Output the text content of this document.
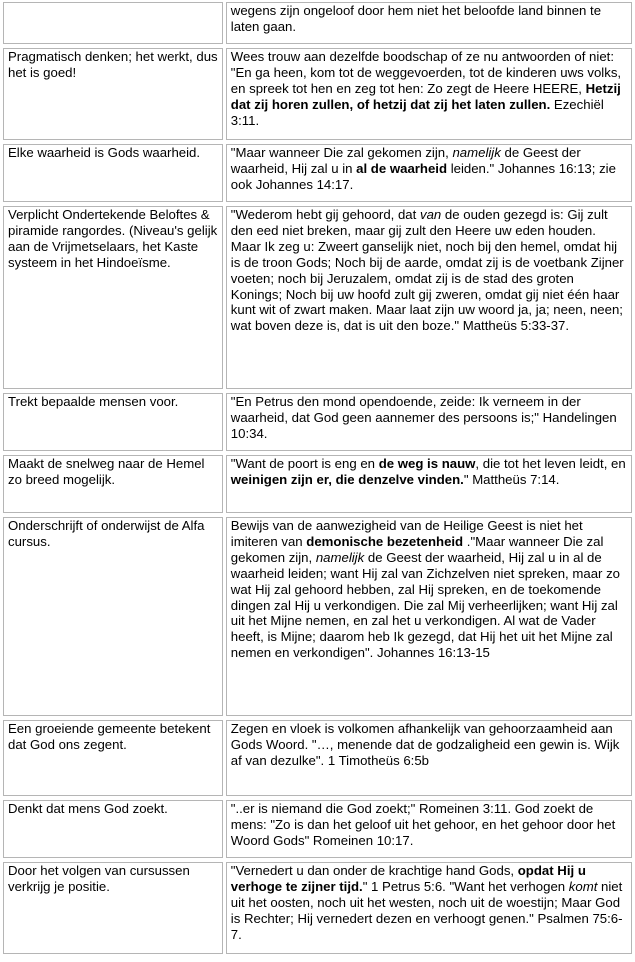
	wegens zijn ongeloof door hem niet het beloofde land binnen te laten gaan.
Pragmatisch denken; het werkt, dus het is goed!	Wees trouw aan dezelfde boodschap of ze nu antwoorden of niet: "En ga heen, kom tot de weggevoerden, tot de kinderen uws volks, en spreek tot hen en zeg tot hen: Zo zegt de Heere HEERE, Hetzij dat zij horen zullen, of hetzij dat zij het laten zullen. Ezechiël 3:11.
Elke waarheid is Gods waarheid.	"Maar wanneer Die zal gekomen zijn, namelijk de Geest der waarheid, Hij zal u in al de waarheid leiden." Johannes 16:13; zie ook Johannes 14:17.
Verplicht Ondertekende Beloftes & piramide rangordes. (Niveau's gelijk aan de Vrijmetselaars, het Kaste systeem in het Hindoeïsme.	"Wederom hebt gij gehoord, dat van de ouden gezegd is: Gij zult den eed niet breken, maar gij zult den Heere uw eden houden. Maar Ik zeg u: Zweert ganselijk niet, noch bij den hemel, omdat hij is de troon Gods; Noch bij de aarde, omdat zij is de voetbank Zijner voeten; noch bij Jeruzalem, omdat zij is de stad des groten Konings; Noch bij uw hoofd zult gij zweren, omdat gij niet één haar kunt wit of zwart maken. Maar laat zijn uw woord ja, ja; neen, neen; wat boven deze is, dat is uit den boze." Mattheüs 5:33-37.
Trekt bepaalde mensen voor.	"En Petrus den mond opendoende, zeide: Ik verneem in der waarheid, dat God geen aannemer des persoons is;" Handelingen 10:34.
Maakt de snelweg naar de Hemel zo breed mogelijk.	"Want de poort is eng en de weg is nauw, die tot het leven leidt, en weinigen zijn er, die denzelve vinden." Mattheüs 7:14.
Onderschrijft of onderwijst de Alfa cursus.	Bewijs van de aanwezigheid van de Heilige Geest is niet het imiteren van demonische bezetenheid ."Maar wanneer Die zal gekomen zijn, namelijk de Geest der waarheid, Hij zal u in al de waarheid leiden; want Hij zal van Zichzelven niet spreken, maar zo wat Hij zal gehoord hebben, zal Hij spreken, en de toekomende dingen zal Hij u verkondigen. Die zal Mij verheerlijken; want Hij zal uit het Mijne nemen, en zal het u verkondigen. Al wat de Vader heeft, is Mijne; daarom heb Ik gezegd, dat Hij het uit het Mijne zal nemen en verkondigen". Johannes 16:13-15
Een groeiende gemeente betekent dat God ons zegent.	Zegen en vloek is volkomen afhankelijk van gehoorzaamheid aan Gods Woord. "…, menende dat de godzaligheid een gewin is. Wijk af van dezulke". 1 Timotheüs 6:5b
Denkt dat mens God zoekt.	"..er is niemand die God zoekt;" Romeinen 3:11. God zoekt de mens: "Zo is dan het geloof uit het gehoor, en het gehoor door het Woord Gods" Romeinen 10:17.
Door het volgen van cursussen verkrijg je positie.	"Vernedert u dan onder de krachtige hand Gods, opdat Hij u verhoge te zijner tijd." 1 Petrus 5:6. "Want het verhogen komt niet uit het oosten, noch uit het westen, noch uit de woestijn; Maar God is Rechter; Hij vernedert dezen en verhoogt genen." Psalmen 75:6-7.
